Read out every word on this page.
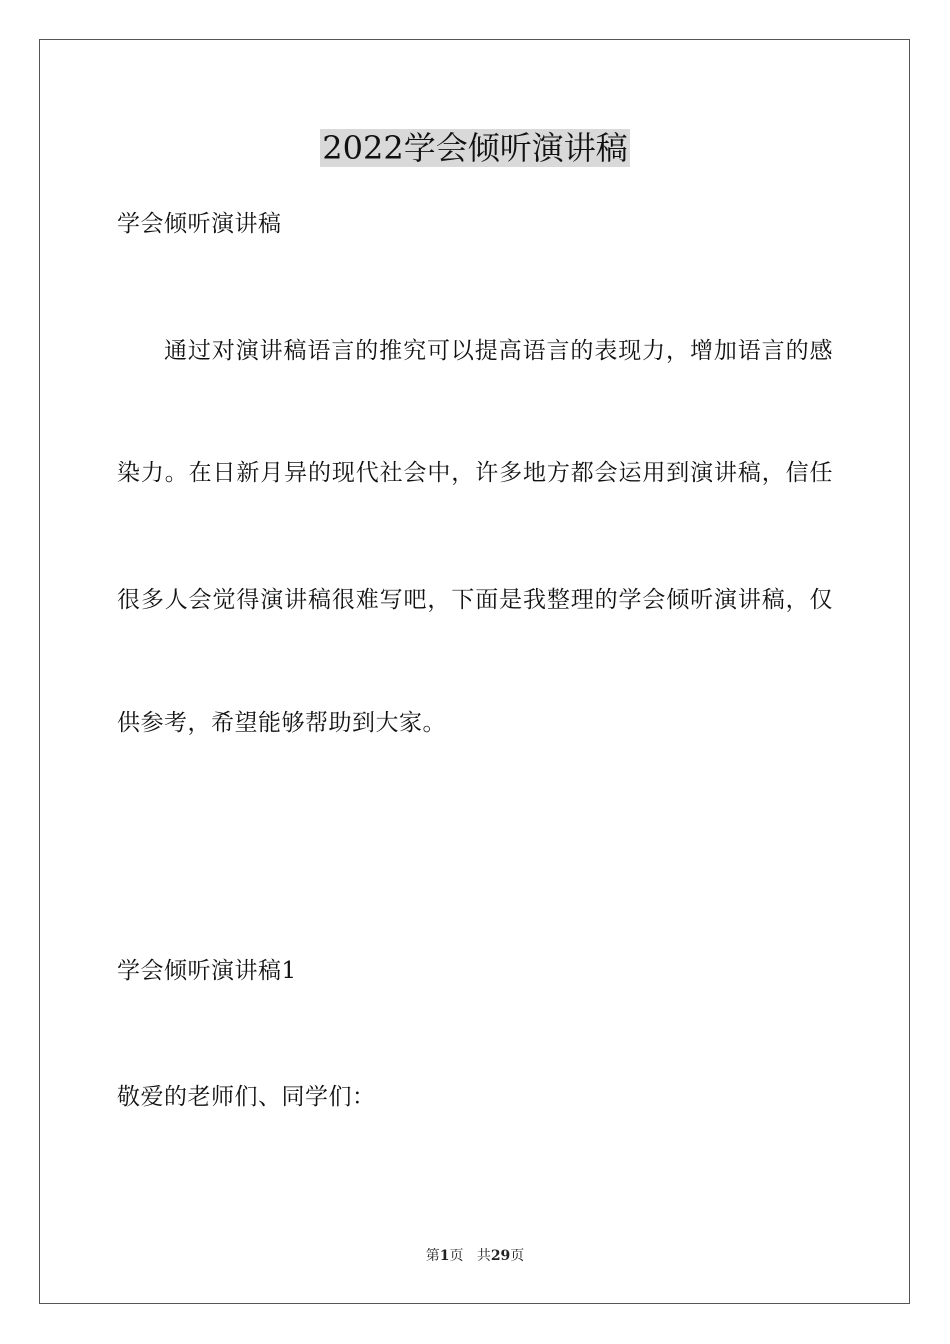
2022学会倾听演讲稿
学会倾听演讲稿
通过对演讲稿语言的推究可以提高语言的表现力，增加语言的感
染力。在日新月异的现代社会中，许多地方都会运用到演讲稿，信任
很多人会觉得演讲稿很难写吧，下面是我整理的学会倾听演讲稿，仅
供参考，希望能够帮助到大家。
学会倾听演讲稿1
敬爱的老师们、同学们：
第1页 共29页
